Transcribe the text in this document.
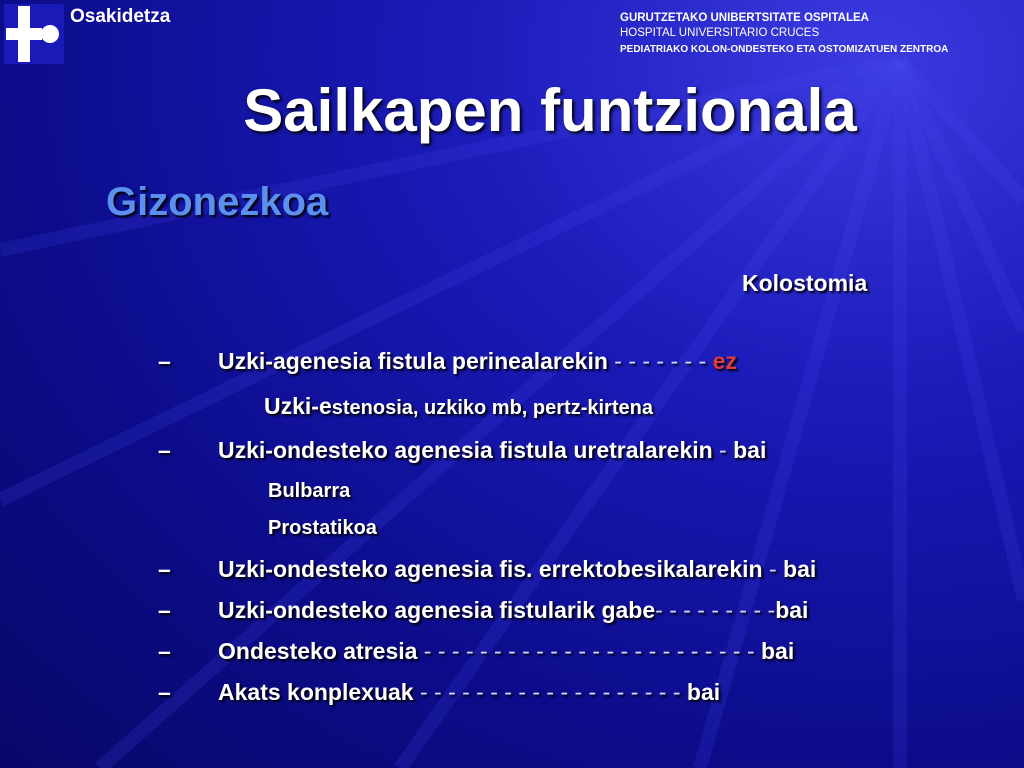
Osakidetza	GURUTZETAKO UNIBERTSITATE OSPITALEA
HOSPITAL UNIVERSITARIO CRUCES
PEDIATRIAKO KOLON-ONDESTEKO ETA OSTOMIZATUEN ZENTROA
Sailkapen funtzionala
Gizonezkoa
Kolostomia
– Uzki-agenesia fistula perinealarekin - - - - - - - ez
Uzki-estenosia, uzkiko mb, pertz-kirtena
– Uzki-ondesteko agenesia fistula uretralarekin - bai
Bulbarra
Prostatikoa
– Uzki-ondesteko agenesia fis. errektobesikalarekin - bai
– Uzki-ondesteko agenesia fistularik gabe- - - - - - - - -bai
– Ondesteko atresia - - - - - - - - - - - - - - - - - - - - - - - - bai
– Akats konplexuak - - - - - - - - - - - - - - - - - - - bai
